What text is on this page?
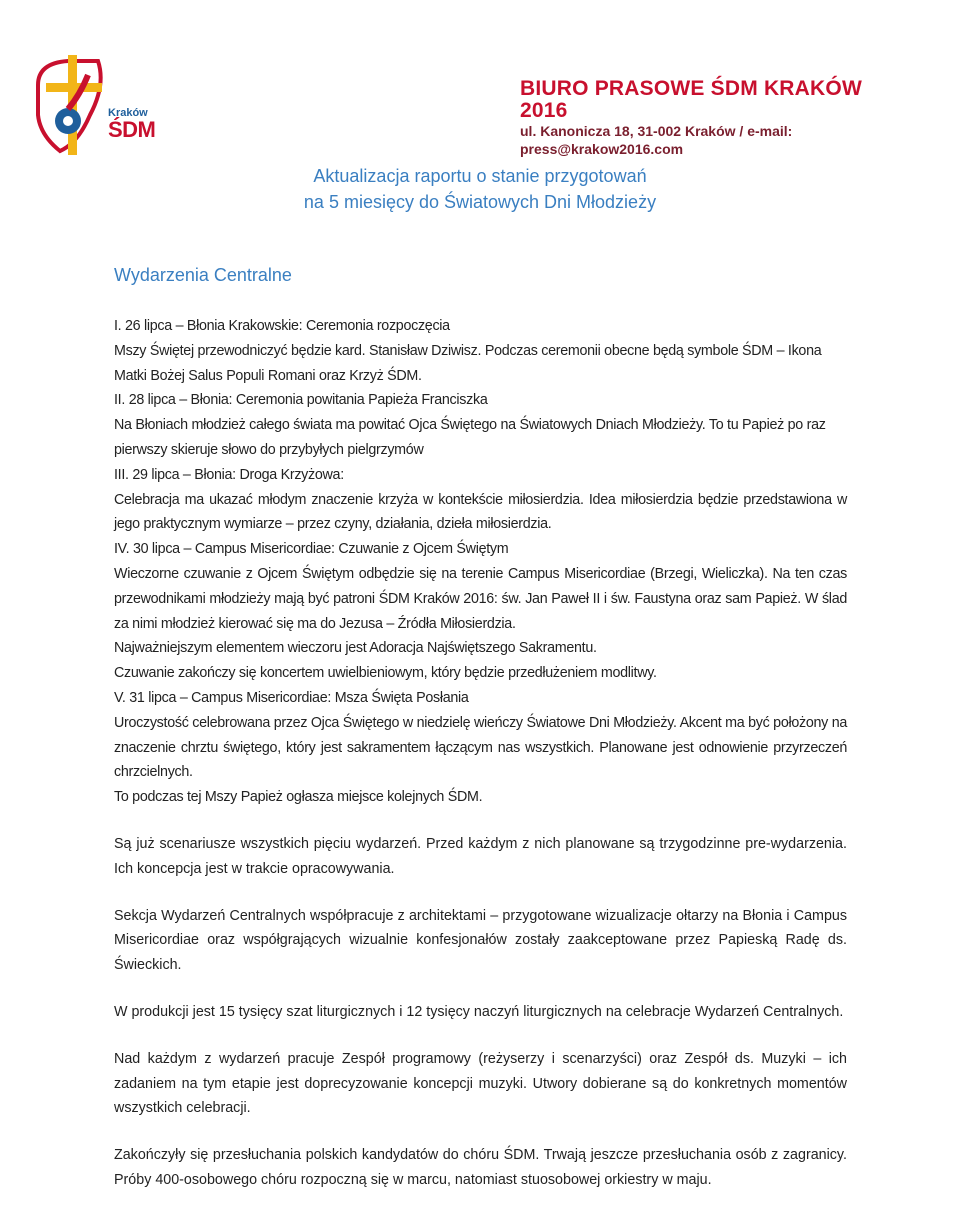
Kraków
ŚDM
BIURO PRASOWE ŚDM KRAKÓW 2016
ul. Kanonicza 18, 31-002 Kraków / e-mail: press@krakow2016.com
Aktualizacja raportu o stanie przygotowań
na 5 miesięcy do Światowych Dni Młodzieży
Wydarzenia Centralne

I. 26 lipca – Błonia Krakowskie: Ceremonia rozpoczęcia

Mszy Świętej przewodniczyć będzie kard. Stanisław Dziwisz. Podczas ceremonii obecne będą symbole ŚDM – Ikona Matki Bożej Salus Populi Romani oraz Krzyż ŚDM.

II. 28 lipca – Błonia: Ceremonia powitania Papieża Franciszka

Na Błoniach młodzież całego świata ma powitać Ojca Świętego na Światowych Dniach Młodzieży. To tu Papież po raz pierwszy skieruje słowo do przybyłych pielgrzymów

III. 29 lipca – Błonia: Droga Krzyżowa:

Celebracja ma ukazać młodym znaczenie krzyża w kontekście miłosierdzia. Idea miłosierdzia będzie przedstawiona w jego praktycznym wymiarze – przez czyny, działania, dzieła miłosierdzia.

IV. 30 lipca – Campus Misericordiae: Czuwanie z Ojcem Świętym

Wieczorne czuwanie z Ojcem Świętym odbędzie się na terenie Campus Misericordiae (Brzegi, Wieliczka). Na ten czas przewodnikami młodzieży mają być patroni ŚDM Kraków 2016: św. Jan Paweł II i św. Faustyna oraz sam Papież. W ślad za nimi młodzież kierować się ma do Jezusa – Źródła Miłosierdzia.

Najważniejszym elementem wieczoru jest Adoracja Najświętszego Sakramentu.

Czuwanie zakończy się koncertem uwielbieniowym, który będzie przedłużeniem modlitwy.

V. 31 lipca – Campus Misericordiae: Msza Święta Posłania

Uroczystość celebrowana przez Ojca Świętego w niedzielę wieńczy Światowe Dni Młodzieży. Akcent ma być położony na znaczenie chrztu świętego, który jest sakramentem łączącym nas wszystkich. Planowane jest odnowienie przyrzeczeń chrzcielnych.

To podczas tej Mszy Papież ogłasza miejsce kolejnych ŚDM.

Są już scenariusze wszystkich pięciu wydarzeń. Przed każdym z nich planowane są trzygodzinne pre-wydarzenia. Ich koncepcja jest w trakcie opracowywania.

Sekcja Wydarzeń Centralnych współpracuje z architektami – przygotowane wizualizacje ołtarzy na Błonia i Campus Misericordiae oraz współgrających wizualnie konfesjonałów zostały zaakceptowane przez Papieską Radę ds. Świeckich.

W produkcji jest 15 tysięcy szat liturgicznych i 12 tysięcy naczyń liturgicznych na celebracje Wydarzeń Centralnych.

Nad każdym z wydarzeń pracuje Zespół programowy (reżyserzy i scenarzyści) oraz Zespół ds. Muzyki – ich zadaniem na tym etapie jest doprecyzowanie koncepcji muzyki. Utwory dobierane są do konkretnych momentów wszystkich celebracji.

Zakończyły się przesłuchania polskich kandydatów do chóru ŚDM. Trwają jeszcze przesłuchania osób z zagranicy. Próby 400-osobowego chóru rozpoczną się w marcu, natomiast stuosobowej orkiestry w maju.
